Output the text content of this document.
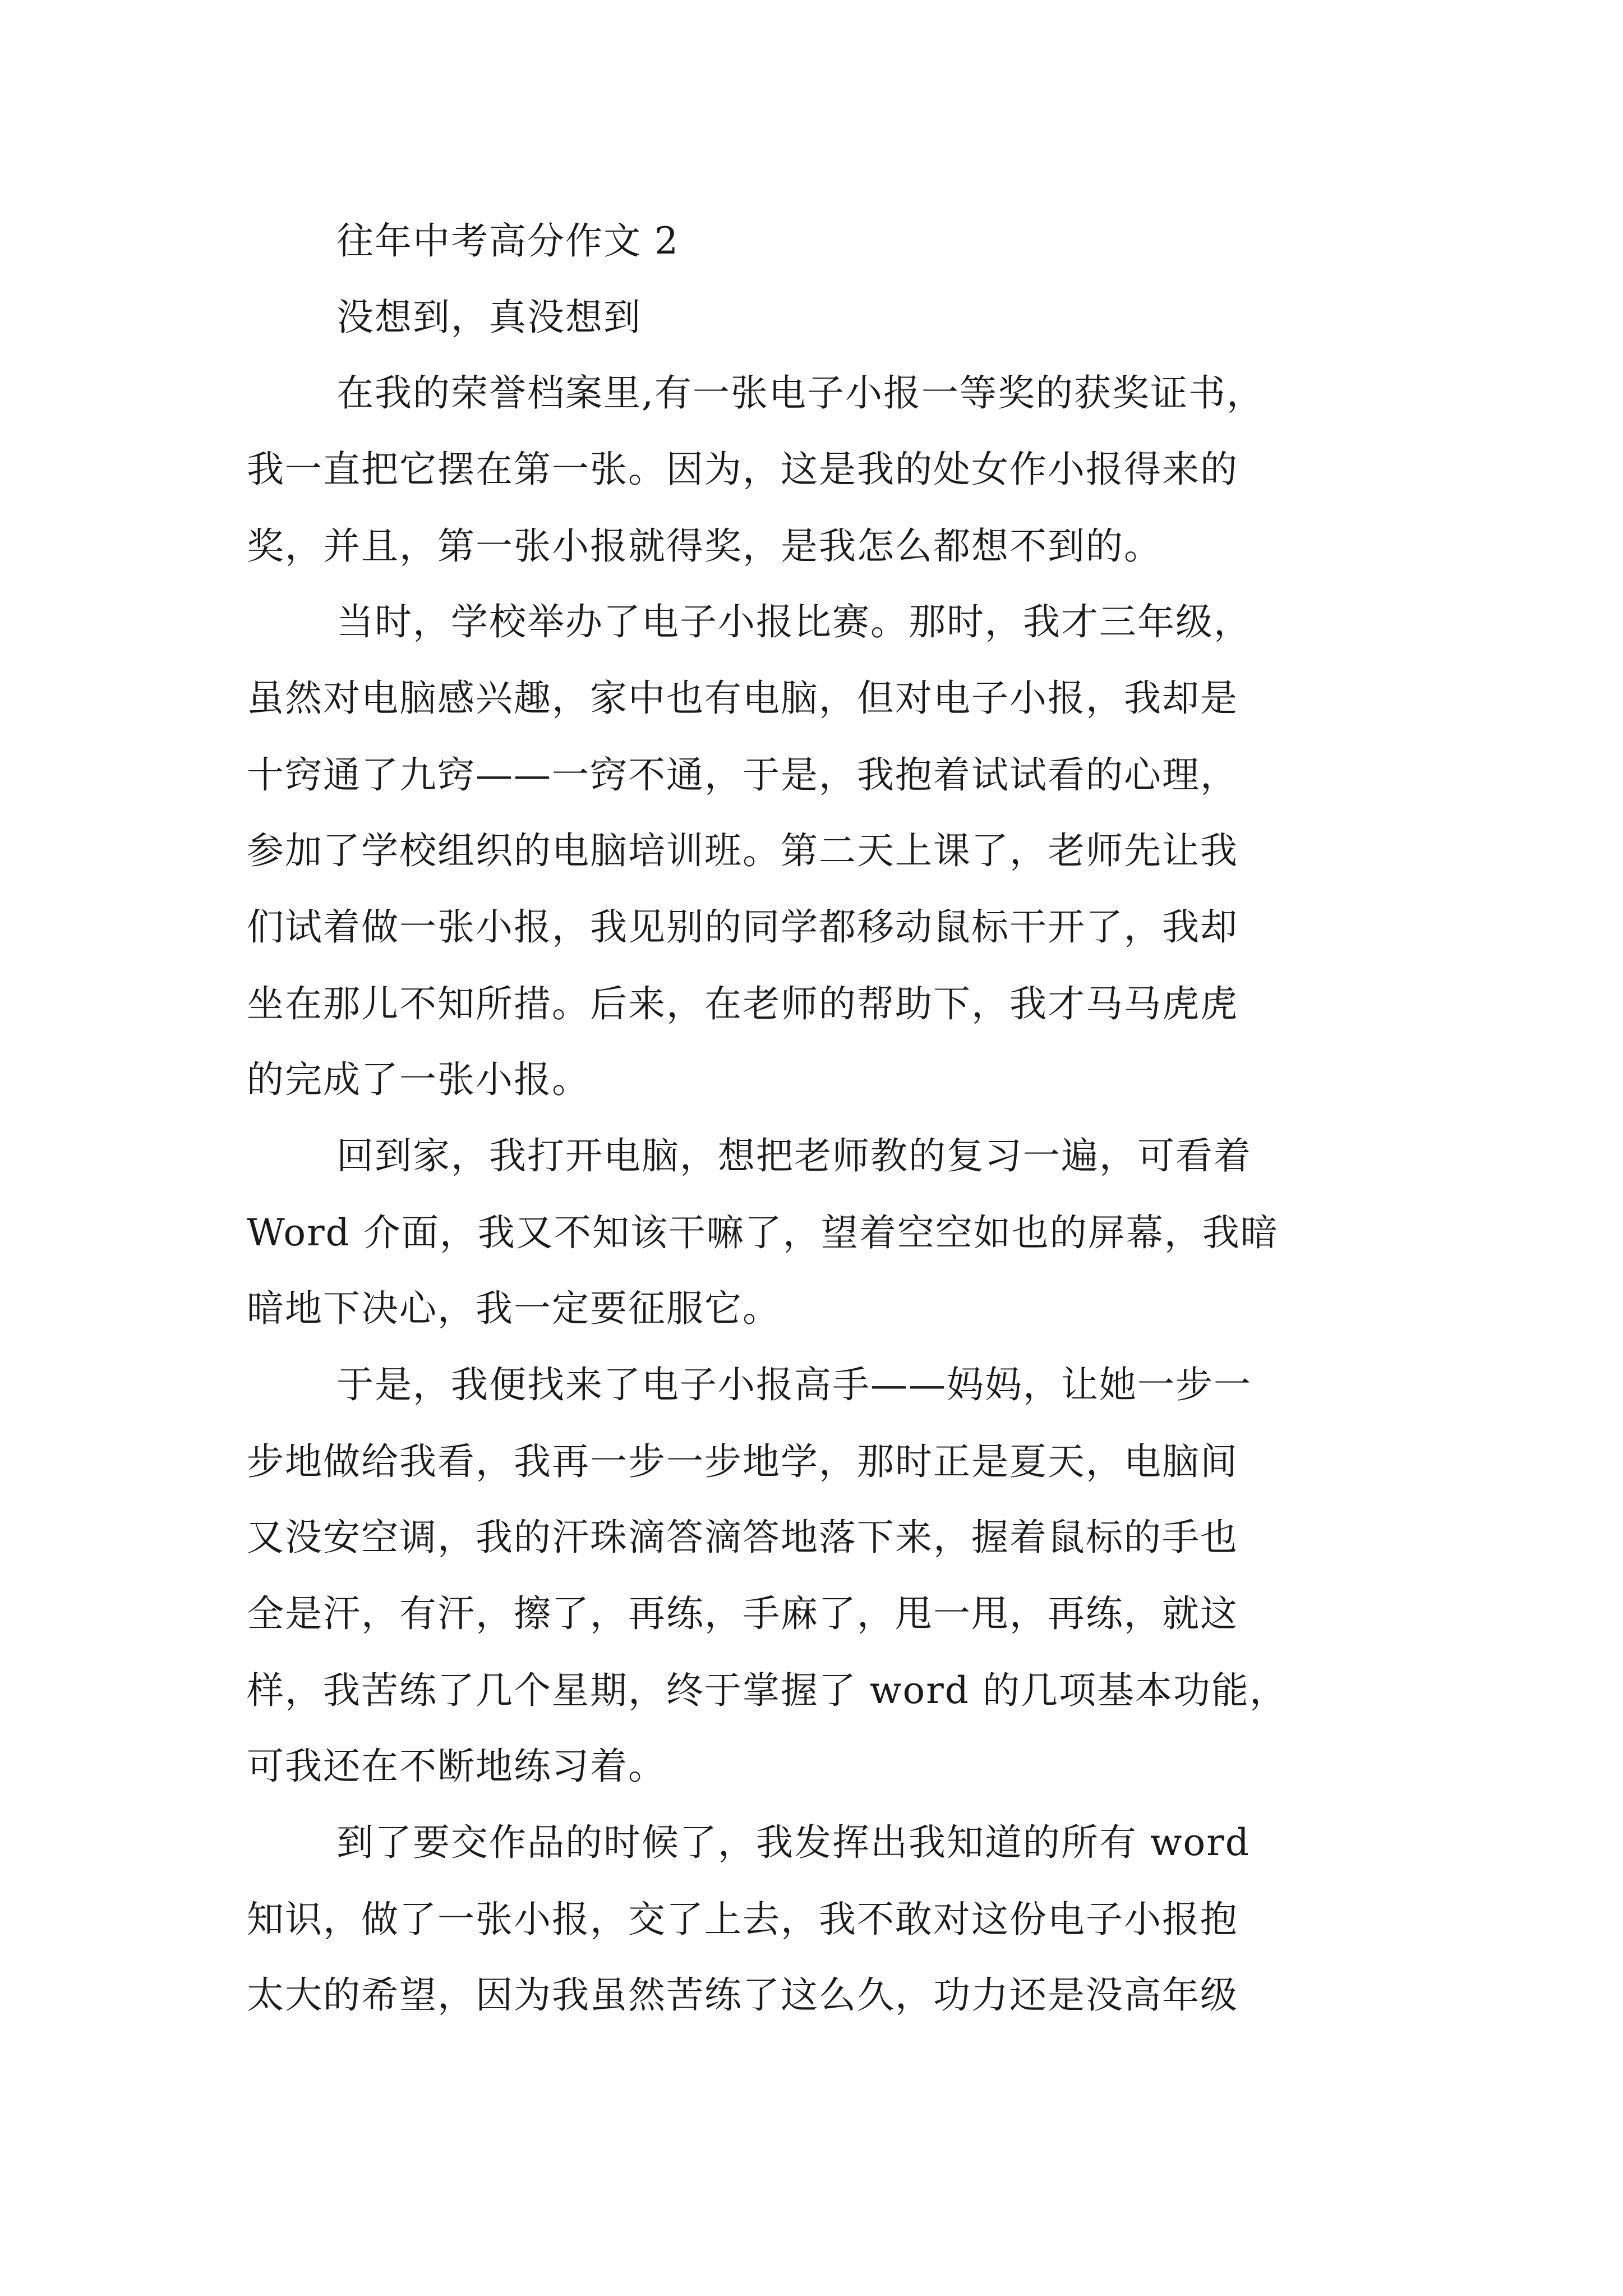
往年中考高分作文 2

没想到，真没想到

在我的荣誉档案里,有一张电子小报一等奖的获奖证书，

我一直把它摆在第一张。因为，这是我的处女作小报得来的

奖，并且，第一张小报就得奖，是我怎么都想不到的。

当时，学校举办了电子小报比赛。那时，我才三年级，

虽然对电脑感兴趣，家中也有电脑，但对电子小报，我却是

十窍通了九窍——一窍不通，于是，我抱着试试看的心理，

参加了学校组织的电脑培训班。第二天上课了，老师先让我

们试着做一张小报，我见别的同学都移动鼠标干开了，我却

坐在那儿不知所措。后来，在老师的帮助下，我才马马虎虎

的完成了一张小报。

回到家，我打开电脑，想把老师教的复习一遍，可看着

Word 介面，我又不知该干嘛了，望着空空如也的屏幕，我暗

暗地下决心，我一定要征服它。

于是，我便找来了电子小报高手——妈妈，让她一步一

步地做给我看，我再一步一步地学，那时正是夏天，电脑间

又没安空调，我的汗珠滴答滴答地落下来，握着鼠标的手也

全是汗，有汗，擦了，再练，手麻了，甩一甩，再练，就这

样，我苦练了几个星期，终于掌握了 word 的几项基本功能，

可我还在不断地练习着。

到了要交作品的时候了，我发挥出我知道的所有 word

知识，做了一张小报，交了上去，我不敢对这份电子小报抱

太大的希望，因为我虽然苦练了这么久，功力还是没高年级
